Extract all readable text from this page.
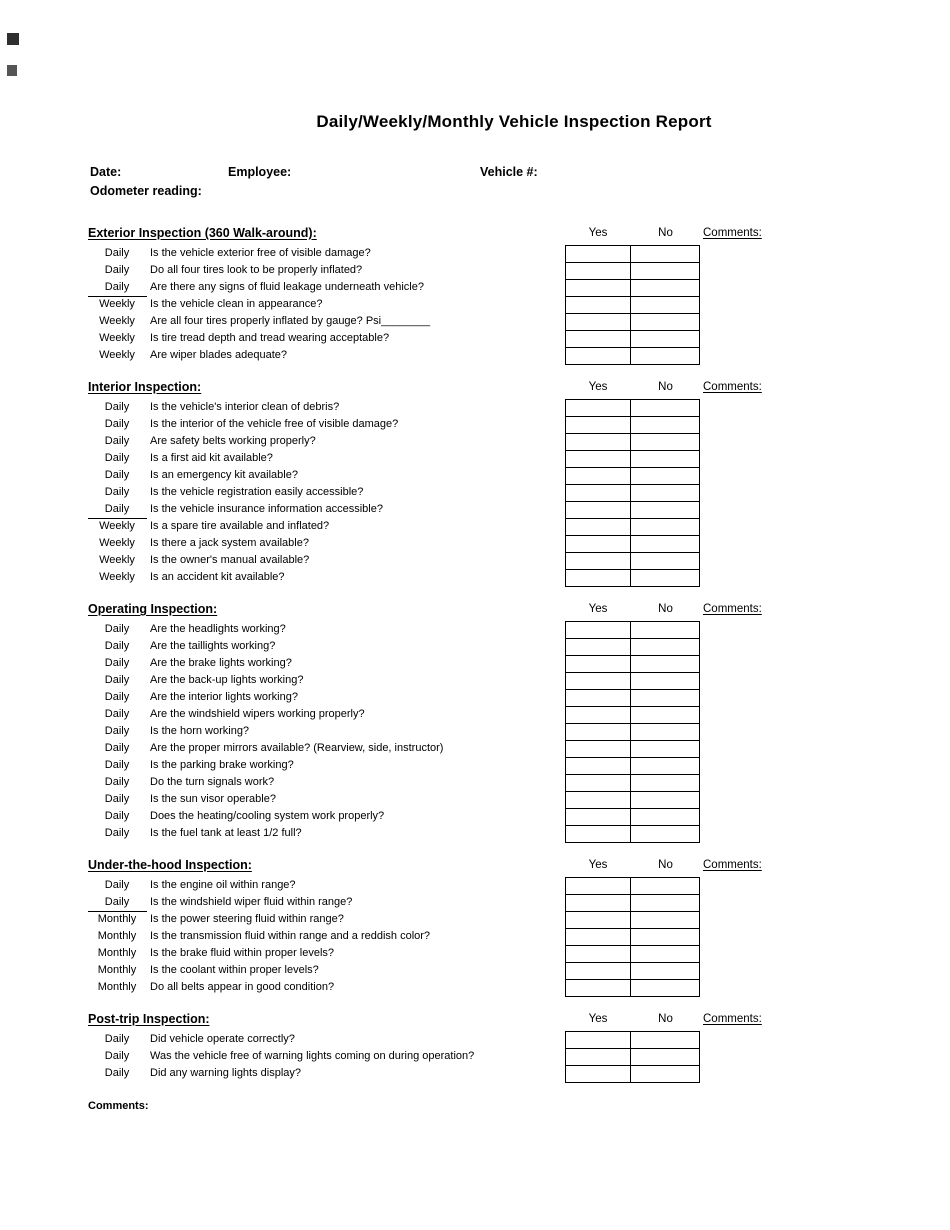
Daily/Weekly/Monthly Vehicle Inspection Report
Date:	Employee:	Vehicle #:
Odometer reading:
Exterior Inspection (360 Walk-around):	Yes	No	Comments:
Daily	Is the vehicle exterior free of visible damage?
Daily	Do all four tires look to be properly inflated?
Daily	Are there any signs of fluid leakage underneath vehicle?
Weekly	Is the vehicle clean in appearance?
Weekly	Are all four tires properly inflated by gauge? Psi________
Weekly	Is tire tread depth and tread wearing acceptable?
Weekly	Are wiper blades adequate?
Interior Inspection:	Yes	No	Comments:
Daily	Is the vehicle's interior clean of debris?
Daily	Is the interior of the vehicle free of visible damage?
Daily	Are safety belts working properly?
Daily	Is a first aid kit available?
Daily	Is an emergency kit available?
Daily	Is the vehicle registration easily accessible?
Daily	Is the vehicle insurance information accessible?
Weekly	Is a spare tire available and inflated?
Weekly	Is there a jack system available?
Weekly	Is the owner's manual available?
Weekly	Is an accident kit available?
Operating Inspection:	Yes	No	Comments:
Daily	Are the headlights working?
Daily	Are the taillights working?
Daily	Are the brake lights working?
Daily	Are the back-up lights working?
Daily	Are the interior lights working?
Daily	Are the windshield wipers working properly?
Daily	Is the horn working?
Daily	Are the proper mirrors available? (Rearview, side, instructor)
Daily	Is the parking brake working?
Daily	Do the turn signals work?
Daily	Is the sun visor operable?
Daily	Does the heating/cooling system work properly?
Daily	Is the fuel tank at least 1/2 full?
Under-the-hood Inspection:	Yes	No	Comments:
Daily	Is the engine oil within range?
Daily	Is the windshield wiper fluid within range?
Monthly	Is the power steering fluid within range?
Monthly	Is the transmission fluid within range and a reddish color?
Monthly	Is the brake fluid within proper levels?
Monthly	Is the coolant within proper levels?
Monthly	Do all belts appear in good condition?
Post-trip Inspection:	Yes	No	Comments:
Daily	Did vehicle operate correctly?
Daily	Was the vehicle free of warning lights coming on during operation?
Daily	Did any warning lights display?
Comments:
